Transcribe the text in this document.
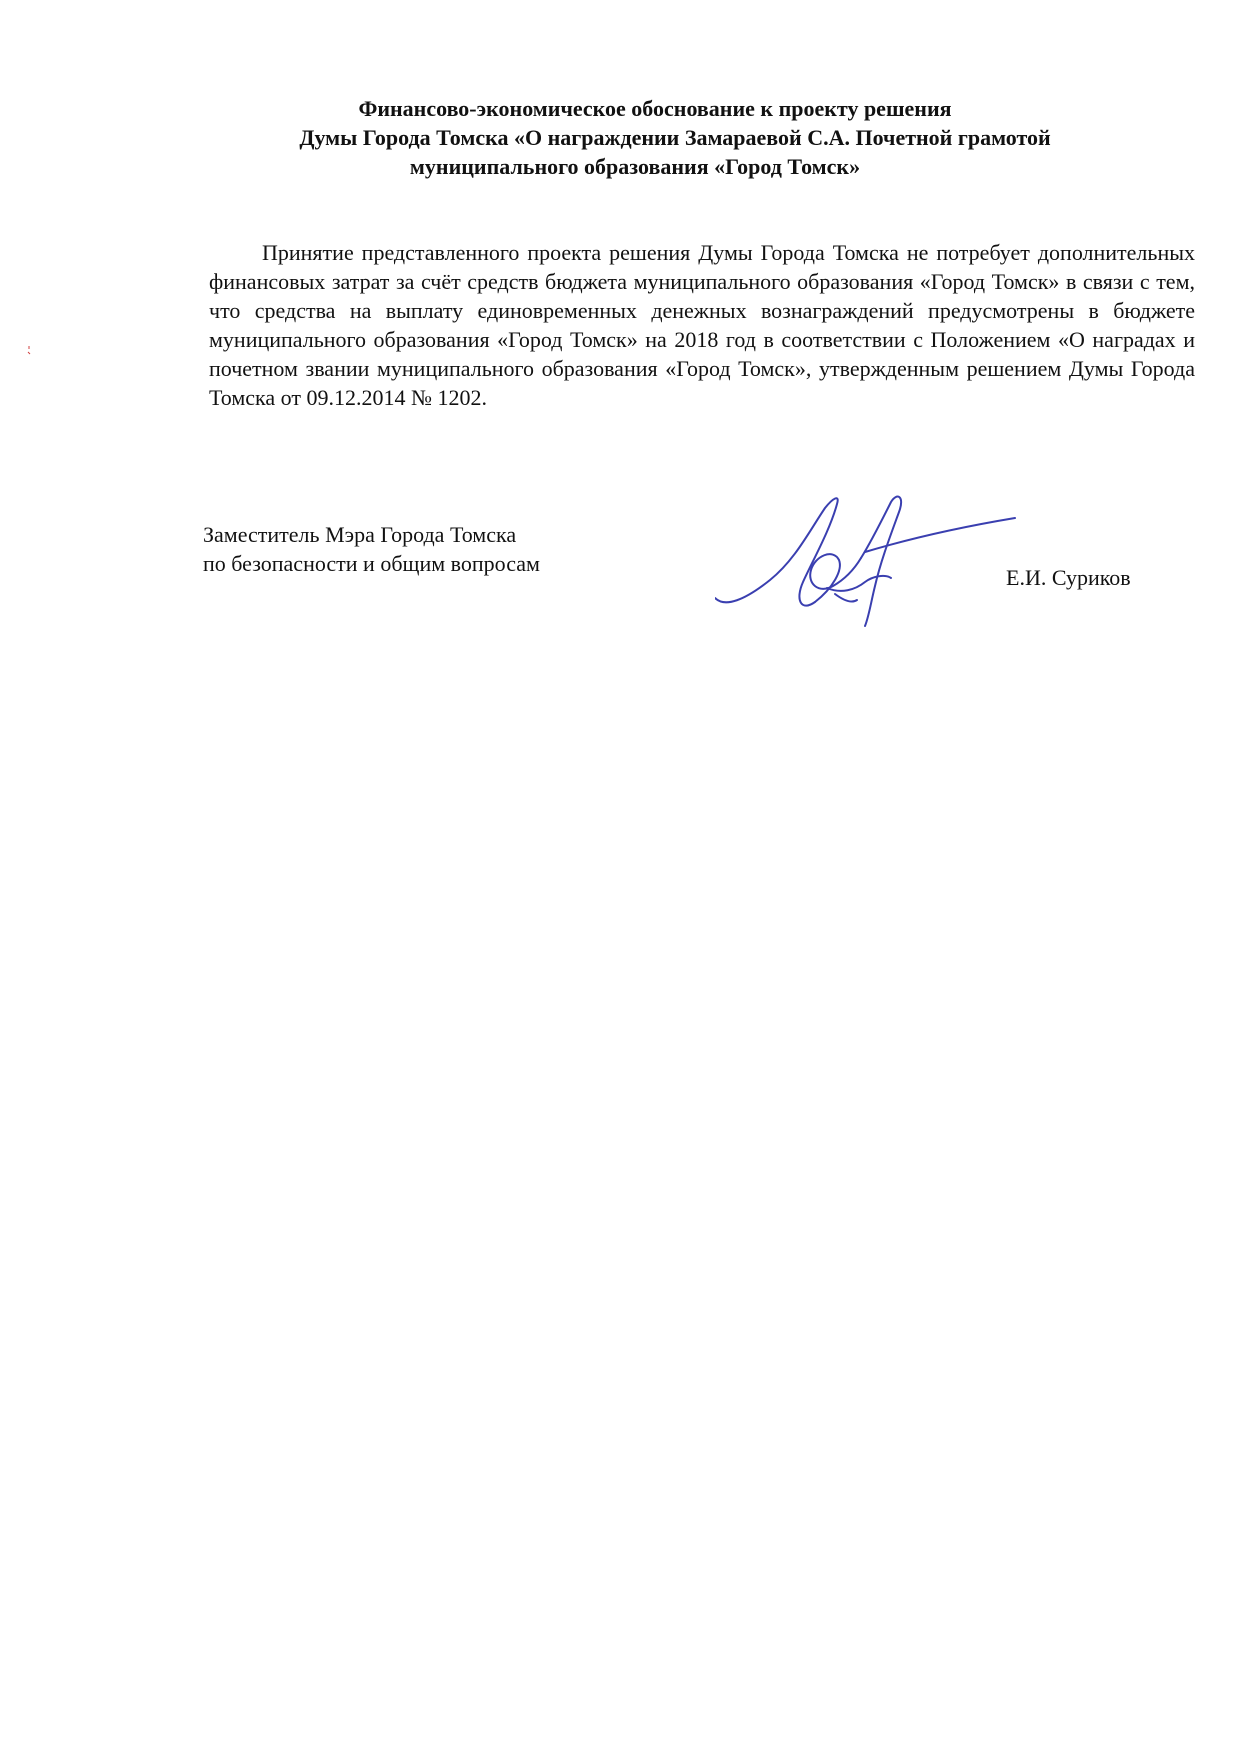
Финансово-экономическое обоснование к проекту решения
Думы Города Томска «О награждении Замараевой С.А. Почетной грамотой
муниципального образования «Город Томск»
Принятие представленного проекта решения Думы Города Томска не потребует дополнительных финансовых затрат за счёт средств бюджета муниципального образования «Город Томск» в связи с тем, что средства на выплату единовременных денежных вознаграждений предусмотрены в бюджете муниципального образования «Город Томск» на 2018 год в соответствии с Положением «О наградах и почетном звании муниципального образования «Город Томск», утвержденным решением Думы Города Томска от 09.12.2014 № 1202.
Заместитель Мэра Города Томска
по безопасности и общим вопросам
Е.И. Суриков
